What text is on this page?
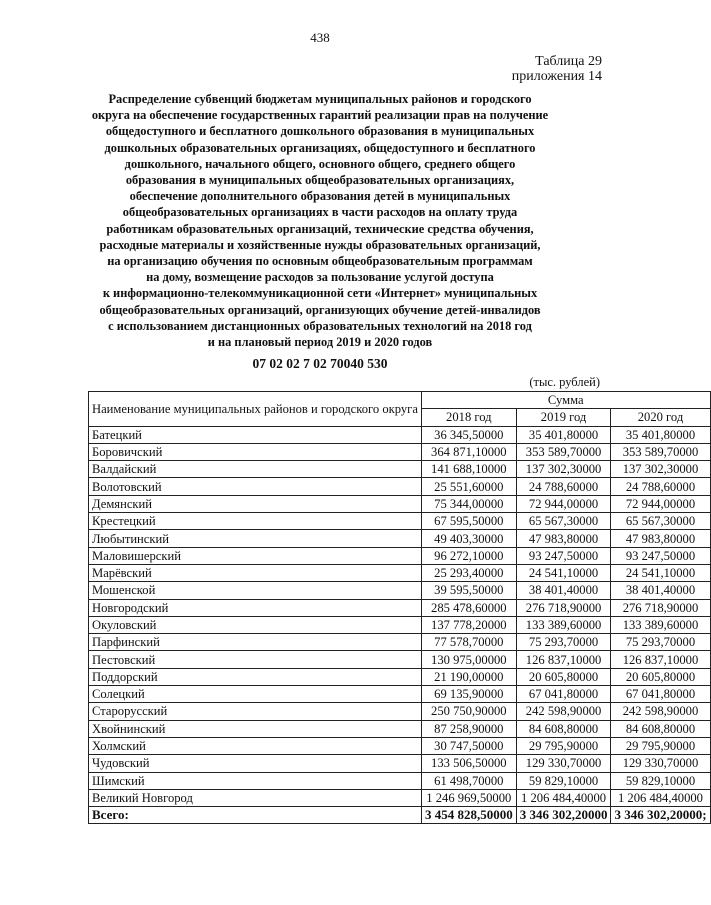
438
Таблица 29
приложения 14
Распределение субвенций бюджетам муниципальных районов и городского
округа на обеспечение государственных гарантий реализации прав на получение
общедоступного и бесплатного дошкольного образования в муниципальных
дошкольных образовательных организациях, общедоступного и бесплатного
дошкольного, начального общего, основного общего, среднего общего
образования в муниципальных общеобразовательных организациях,
обеспечение дополнительного образования детей в муниципальных
общеобразовательных организациях в части расходов на оплату труда
работникам образовательных организаций, технические средства обучения,
расходные материалы и хозяйственные нужды образовательных организаций,
на организацию обучения по основным общеобразовательным программам
на дому, возмещение расходов за пользование услугой доступа
к информационно-телекоммуникационной сети «Интернет» муниципальных
общеобразовательных организаций, организующих обучение детей-инвалидов
с использованием дистанционных образовательных технологий на 2018 год
и на плановый период 2019 и 2020 годов
07 02 02 7 02 70040 530
(тыс. рублей)
Наименование муниципальных районов и городского округа	Сумма		
	2018 год	2019 год	2020 год
Батецкий	36 345,50000	35 401,80000	35 401,80000
Боровичский	364 871,10000	353 589,70000	353 589,70000
Валдайский	141 688,10000	137 302,30000	137 302,30000
Волотовский	25 551,60000	24 788,60000	24 788,60000
Демянский	75 344,00000	72 944,00000	72 944,00000
Крестецкий	67 595,50000	65 567,30000	65 567,30000
Любытинский	49 403,30000	47 983,80000	47 983,80000
Маловишерский	96 272,10000	93 247,50000	93 247,50000
Марёвский	25 293,40000	24 541,10000	24 541,10000
Мошенской	39 595,50000	38 401,40000	38 401,40000
Новгородский	285 478,60000	276 718,90000	276 718,90000
Окуловский	137 778,20000	133 389,60000	133 389,60000
Парфинский	77 578,70000	75 293,70000	75 293,70000
Пестовский	130 975,00000	126 837,10000	126 837,10000
Поддорский	21 190,00000	20 605,80000	20 605,80000
Солецкий	69 135,90000	67 041,80000	67 041,80000
Старорусский	250 750,90000	242 598,90000	242 598,90000
Хвойнинский	87 258,90000	84 608,80000	84 608,80000
Холмский	30 747,50000	29 795,90000	29 795,90000
Чудовский	133 506,50000	129 330,70000	129 330,70000
Шимский	61 498,70000	59 829,10000	59 829,10000
Великий Новгород	1 246 969,50000	1 206 484,40000	1 206 484,40000
Всего:	3 454 828,50000	3 346 302,20000	3 346 302,20000;
